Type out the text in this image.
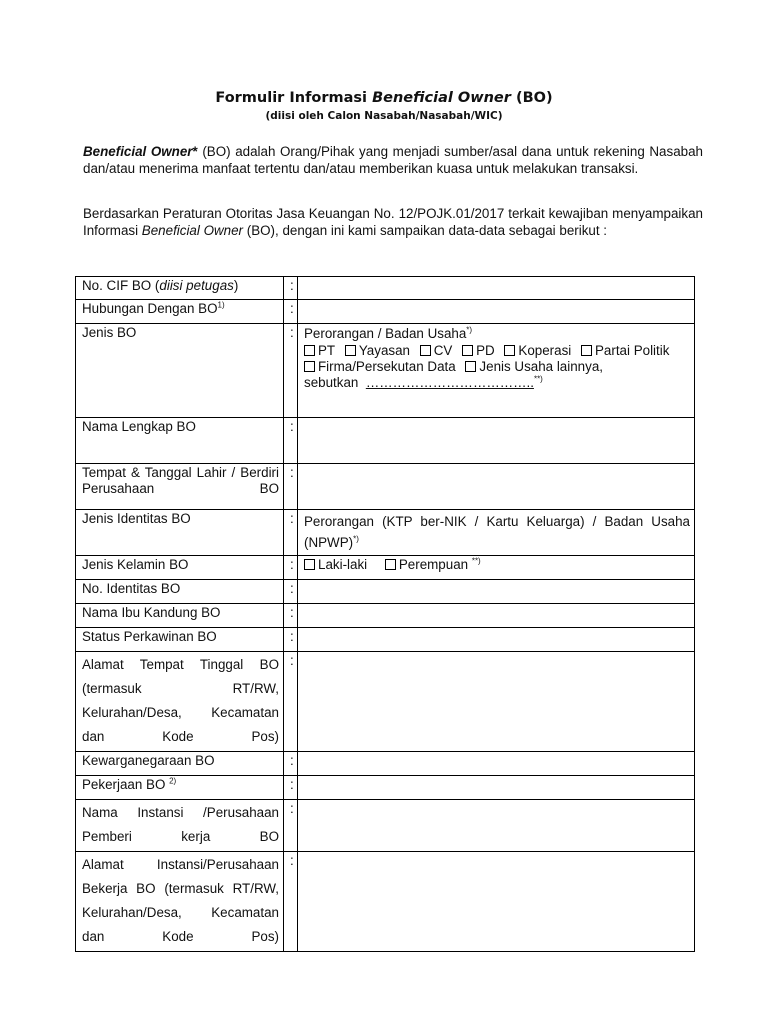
Formulir Informasi Beneficial Owner (BO)
(diisi oleh Calon Nasabah/Nasabah/WIC)
Beneficial Owner* (BO) adalah Orang/Pihak yang menjadi sumber/asal dana untuk rekening Nasabah dan/atau menerima manfaat tertentu dan/atau memberikan kuasa untuk melakukan transaksi.
Berdasarkan Peraturan Otoritas Jasa Keuangan No. 12/POJK.01/2017 terkait kewajiban menyampaikan Informasi Beneficial Owner (BO), dengan ini kami sampaikan data-data sebagai berikut :
No. CIF BO (diisi petugas)	:	
Hubungan Dengan BO$^{1)}$	:	
Jenis BO	:	Perorangan / Badan Usaha*)
PT Yayasan CV PD Koperasi Partai Politik
Firma/Persekutan Data Jenis Usaha lainnya,
sebutkan ………………………………..**)

Nama Lengkap BO	:	
Tempat & Tanggal Lahir / Berdiri Perusahaan BO	:	
Jenis Identitas BO	:	Perorangan (KTP ber-NIK / Kartu Keluarga) / Badan Usaha (NPWP)*)
Jenis Kelamin BO	:	Laki-laki Perempuan **)
No. Identitas BO	:	
Nama Ibu Kandung BO	:	
Status Perkawinan BO	:	
Alamat Tempat Tinggal BO (termasuk RT/RW, Kelurahan/Desa, Kecamatan dan Kode Pos)	:	
Kewarganegaraan BO	:	
Pekerjaan BO $^{2)}$	:	
Nama Instansi /Perusahaan Pemberi kerja BO	:	
Alamat Instansi/Perusahaan Bekerja BO (termasuk RT/RW, Kelurahan/Desa, Kecamatan dan Kode Pos)	:	
